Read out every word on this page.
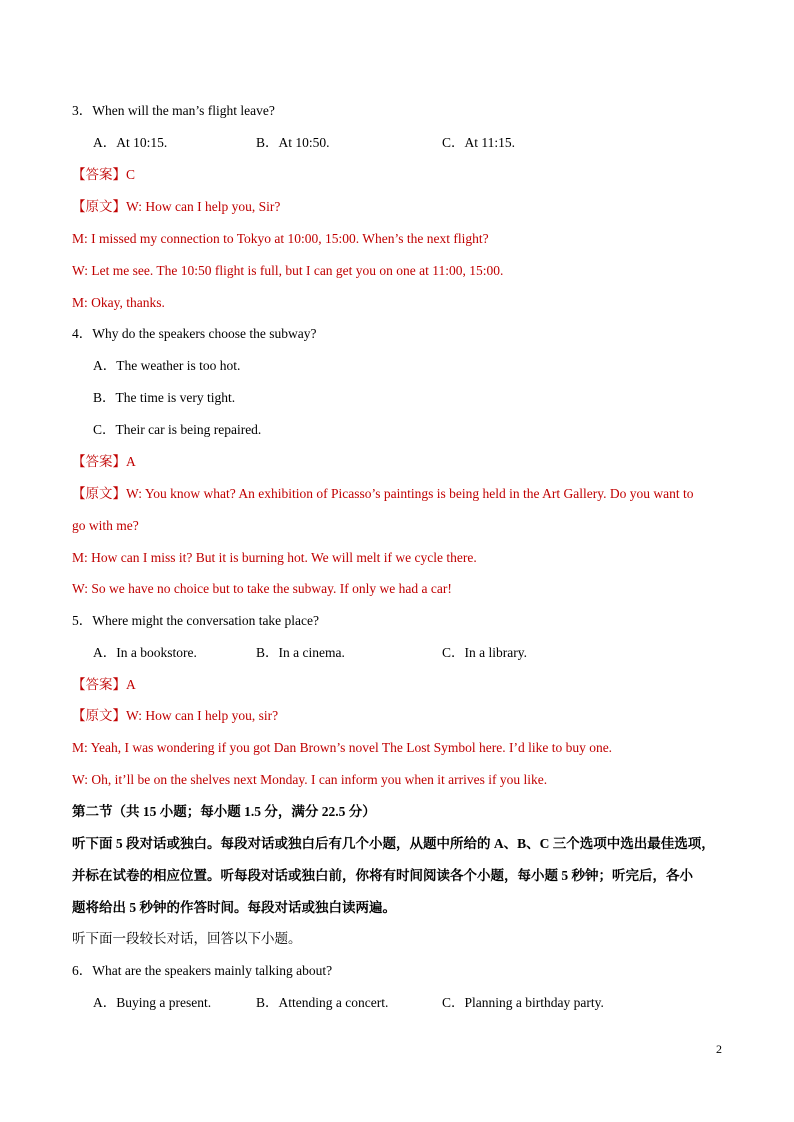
3．When will the man’s flight leave?
A．At 10:15.	B．At 10:50.	C．At 11:15.
【答案】C
【原文】W: How can I help you, Sir?
M: I missed my connection to Tokyo at 10:00, 15:00. When’s the next flight?
W: Let me see. The 10:50 flight is full, but I can get you on one at 11:00, 15:00.
M: Okay, thanks.
4．Why do the speakers choose the subway?
A．The weather is too hot.
B．The time is very tight.
C．Their car is being repaired.
【答案】A
【原文】W: You know what? An exhibition of Picasso’s paintings is being held in the Art Gallery. Do you want to
go with me?
M: How can I miss it? But it is burning hot. We will melt if we cycle there.
W: So we have no choice but to take the subway. If only we had a car!
5．Where might the conversation take place?
A．In a bookstore.	B．In a cinema.	C．In a library.
【答案】A
【原文】W: How can I help you, sir?
M: Yeah, I was wondering if you got Dan Brown’s novel The Lost Symbol here. I’d like to buy one.
W: Oh, it’ll be on the shelves next Monday. I can inform you when it arrives if you like.
第二节（共 15 小题；每小题 1.5 分，满分 22.5 分）
听下面 5 段对话或独白。每段对话或独白后有几个小题，从题中所给的 A、B、C 三个选项中选出最佳选项，
并标在试卷的相应位置。听每段对话或独白前，你将有时间阅读各个小题，每小题 5 秒钟；听完后，各小
题将给出 5 秒钟的作答时间。每段对话或独白读两遍。
听下面一段较长对话，回答以下小题。
6．What are the speakers mainly talking about?
A．Buying a present.	B．Attending a concert.	C．Planning a birthday party.
2
